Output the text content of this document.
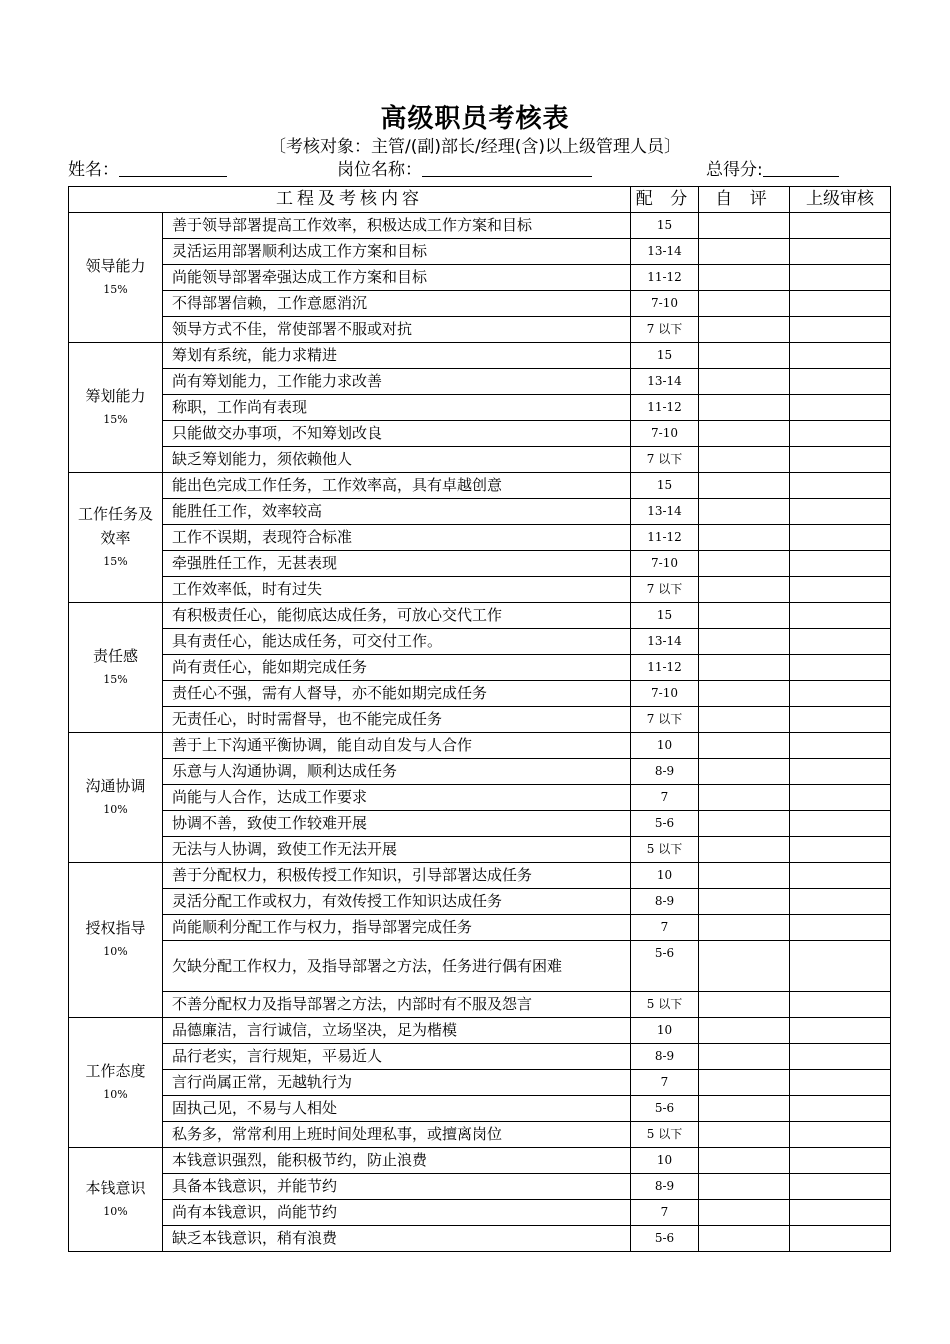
高级职员考核表
〔考核对象：主管/(副)部长/经理(含)以上级管理人员〕
姓名：	岗位名称：	总得分:
工程及考核内容		配 分	自 评	上级审核

领导能力
15%	善于领导部署提高工作效率，积极达成工作方案和目标	15		
	灵活运用部署顺利达成工作方案和目标	13-14		
	尚能领导部署牵强达成工作方案和目标	11-12		
	不得部署信赖，工作意愿消沉	7-10		
	领导方式不佳，常使部署不服或对抗	7 以下		

筹划能力
15%	筹划有系统，能力求精进	15		
	尚有筹划能力，工作能力求改善	13-14		
	称职，工作尚有表现	11-12		
	只能做交办事项，不知筹划改良	7-10		
	缺乏筹划能力，须依赖他人	7 以下		

工作任务及效率
15%	能出色完成工作任务，工作效率高，具有卓越创意	15		
	能胜任工作，效率较高	13-14		
	工作不误期，表现符合标准	11-12		
	牵强胜任工作，无甚表现	7-10		
	工作效率低，时有过失	7 以下		

责任感
15%	有积极责任心，能彻底达成任务，可放心交代工作	15		
	具有责任心，能达成任务，可交付工作。	13-14		
	尚有责任心，能如期完成任务	11-12		
	责任心不强，需有人督导，亦不能如期完成任务	7-10		
	无责任心，时时需督导，也不能完成任务	7 以下		

沟通协调
10%	善于上下沟通平衡协调，能自动自发与人合作	10		
	乐意与人沟通协调，顺利达成任务	8-9		
	尚能与人合作，达成工作要求	7		
	协调不善，致使工作较难开展	5-6		
	无法与人协调，致使工作无法开展	5 以下		

授权指导
10%	善于分配权力，积极传授工作知识，引导部署达成任务	10		
	灵活分配工作或权力，有效传授工作知识达成任务	8-9		
	尚能顺利分配工作与权力，指导部署完成任务	7		
	欠缺分配工作权力，及指导部署之方法，任务进行偶有困难	5-6		
	不善分配权力及指导部署之方法，内部时有不服及怨言	5 以下		

工作态度
10%	品德廉洁，言行诚信，立场坚决，足为楷模	10		
	品行老实，言行规矩，平易近人	8-9		
	言行尚属正常，无越轨行为	7		
	固执己见，不易与人相处	5-6		
	私务多，常常利用上班时间处理私事，或擅离岗位	5 以下		

本钱意识
10%	本钱意识强烈，能积极节约，防止浪费	10		
	具备本钱意识，并能节约	8-9		
	尚有本钱意识，尚能节约	7		
	缺乏本钱意识，稍有浪费	5-6		
